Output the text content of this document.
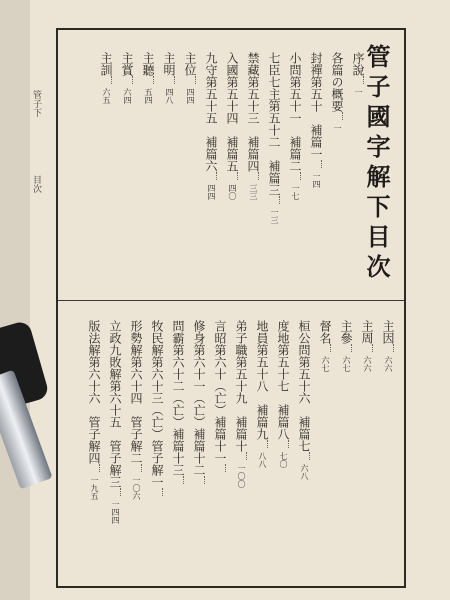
管子下
目次	管子國字解下目次
序說一
各篇の概要一
封禪第五十　補篇一一四
小問第五十一　補篇二一七
七臣七主第五十二　補篇三一三
禁藏第五十三　補篇四三三
入國第五十四　補篇五四〇
九守第五十五　補篇六四四
主位四四
主明四八
主聽五四
主賞六四
主訓六五
主因六六
主周六六
主參六七
督名六七
桓公問第五十六　補篇七六八
度地第五十七　補篇八七〇
地員第五十八　補篇九八八
弟子職第五十九　補篇十一〇〇
言昭第六十（亡）補篇十一
修身第六十一（亡）補篇十二
問霸第六十二（亡）補篇十三
牧民解第六十三（亡）管子解一
形勢解第六十四　管子解二一〇六
立政九敗解第六十五　管子解三一四四
版法解第六十六　管子解四一九五
